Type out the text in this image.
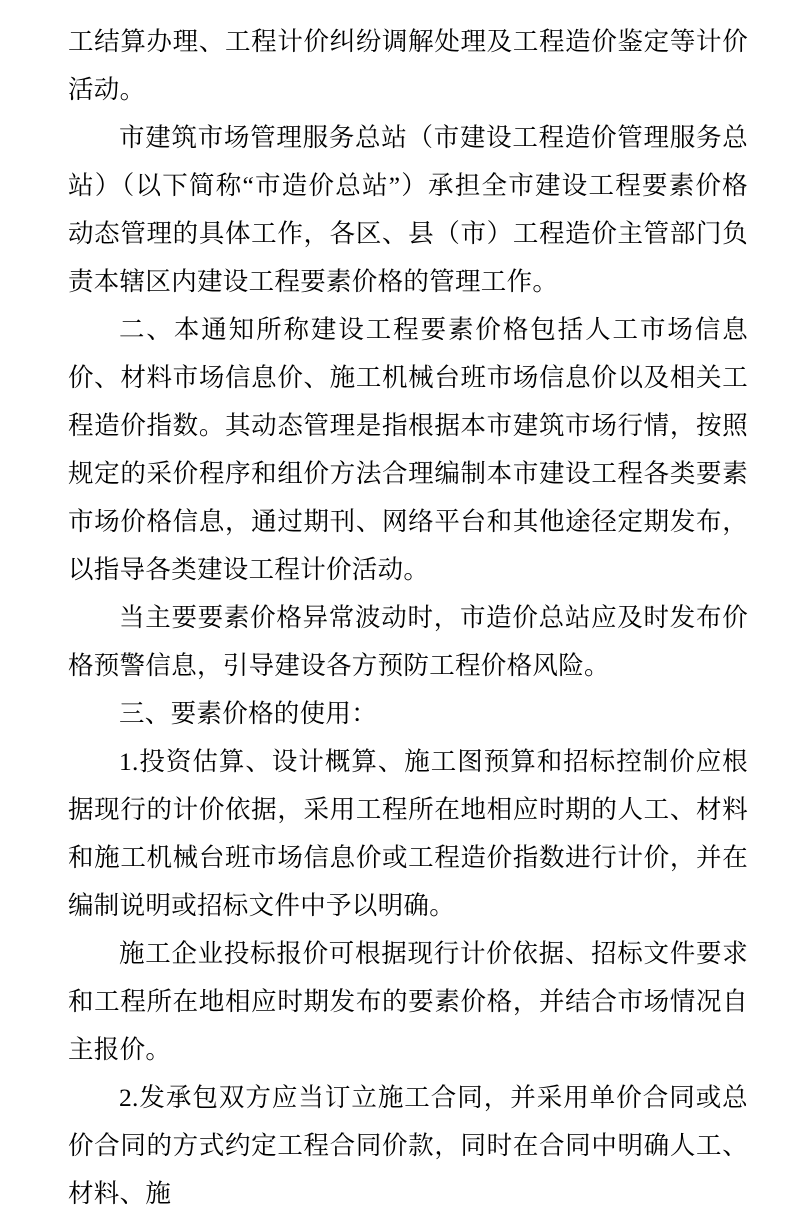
工结算办理、工程计价纠纷调解处理及工程造价鉴定等计价活动。

市建筑市场管理服务总站（市建设工程造价管理服务总站）（以下简称“市造价总站”）承担全市建设工程要素价格动态管理的具体工作，各区、县（市）工程造价主管部门负责本辖区内建设工程要素价格的管理工作。

二、本通知所称建设工程要素价格包括人工市场信息价、材料市场信息价、施工机械台班市场信息价以及相关工程造价指数。其动态管理是指根据本市建筑市场行情，按照规定的采价程序和组价方法合理编制本市建设工程各类要素市场价格信息，通过期刊、网络平台和其他途径定期发布，以指导各类建设工程计价活动。

当主要要素价格异常波动时，市造价总站应及时发布价格预警信息，引导建设各方预防工程价格风险。

三、要素价格的使用：

1.投资估算、设计概算、施工图预算和招标控制价应根据现行的计价依据，采用工程所在地相应时期的人工、材料和施工机械台班市场信息价或工程造价指数进行计价，并在编制说明或招标文件中予以明确。

施工企业投标报价可根据现行计价依据、招标文件要求和工程所在地相应时期发布的要素价格，并结合市场情况自主报价。

2.发承包双方应当订立施工合同，并采用单价合同或总价合同的方式约定工程合同价款，同时在合同中明确人工、材料、施
